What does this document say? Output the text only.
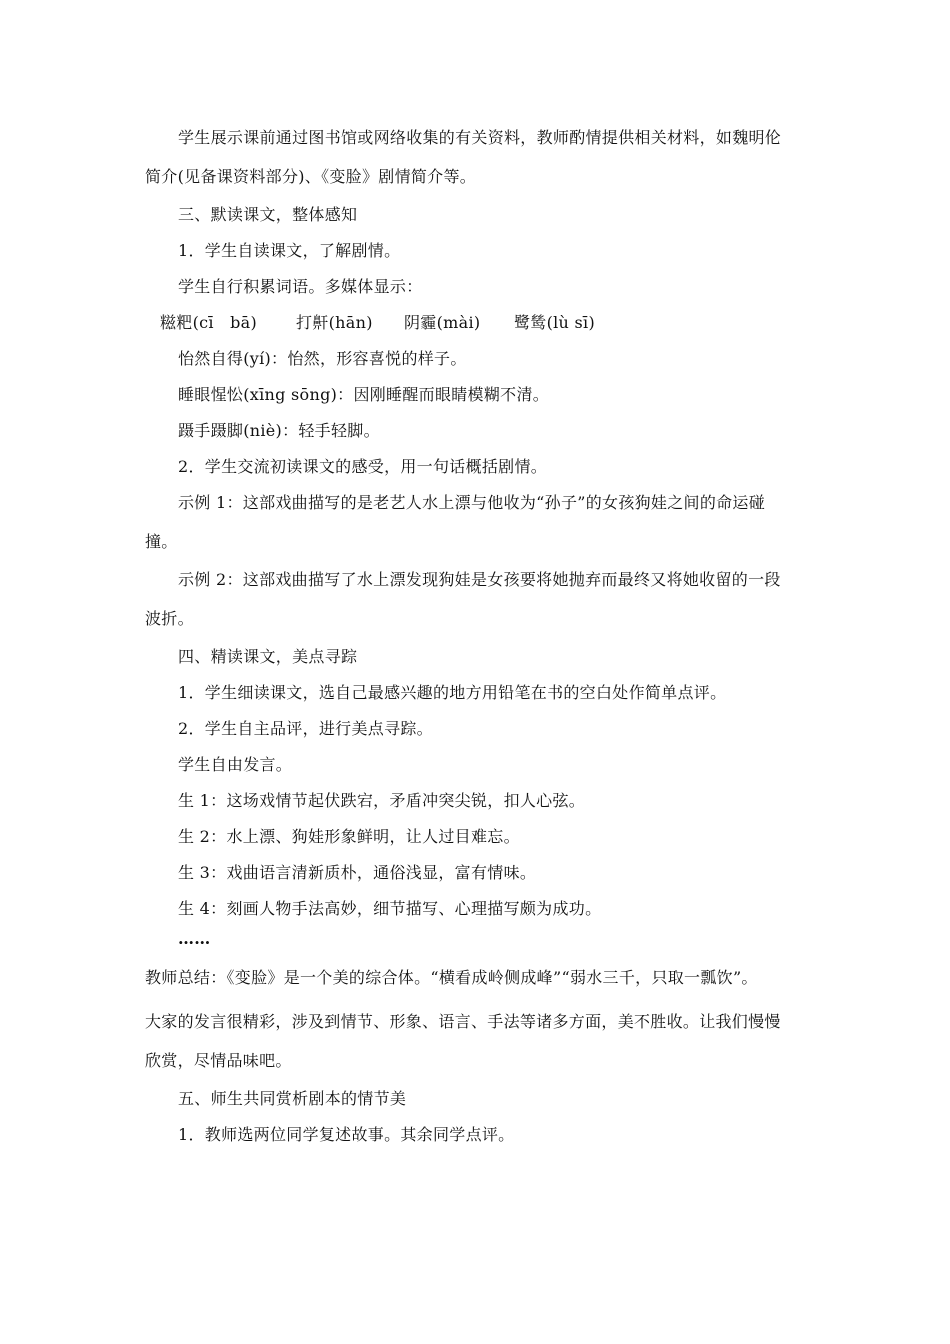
学生展示课前通过图书馆或网络收集的有关资料，教师酌情提供相关材料，如魏明伦
简介(见备课资料部分)、《变脸》剧情简介等。
三、默读课文，整体感知
1．学生自读课文，了解剧情。
学生自行积累词语。多媒体显示：
糍粑(cī　bā) 打鼾(hān) 阴霾(mài) 鹭鸶(lù sī)
怡然自得(yí)：怡然，形容喜悦的样子。
睡眼惺忪(xīng sōng)：因刚睡醒而眼睛模糊不清。
蹑手蹑脚(niè)：轻手轻脚。
2．学生交流初读课文的感受，用一句话概括剧情。
示例 1：这部戏曲描写的是老艺人水上漂与他收为“孙子”的女孩狗娃之间的命运碰
撞。
示例 2：这部戏曲描写了水上漂发现狗娃是女孩要将她抛弃而最终又将她收留的一段
波折。
四、精读课文，美点寻踪
1．学生细读课文，选自己最感兴趣的地方用铅笔在书的空白处作简单点评。
2．学生自主品评，进行美点寻踪。
学生自由发言。
生 1：这场戏情节起伏跌宕，矛盾冲突尖锐，扣人心弦。
生 2：水上漂、狗娃形象鲜明，让人过目难忘。
生 3：戏曲语言清新质朴，通俗浅显，富有情味。
生 4：刻画人物手法高妙，细节描写、心理描写颇为成功。
……
教师总结：《变脸》是一个美的综合体。“横看成岭侧成峰”“弱水三千，只取一瓢饮”。
大家的发言很精彩，涉及到情节、形象、语言、手法等诸多方面，美不胜收。让我们慢慢
欣赏，尽情品味吧。
五、师生共同赏析剧本的情节美
1．教师选两位同学复述故事。其余同学点评。
